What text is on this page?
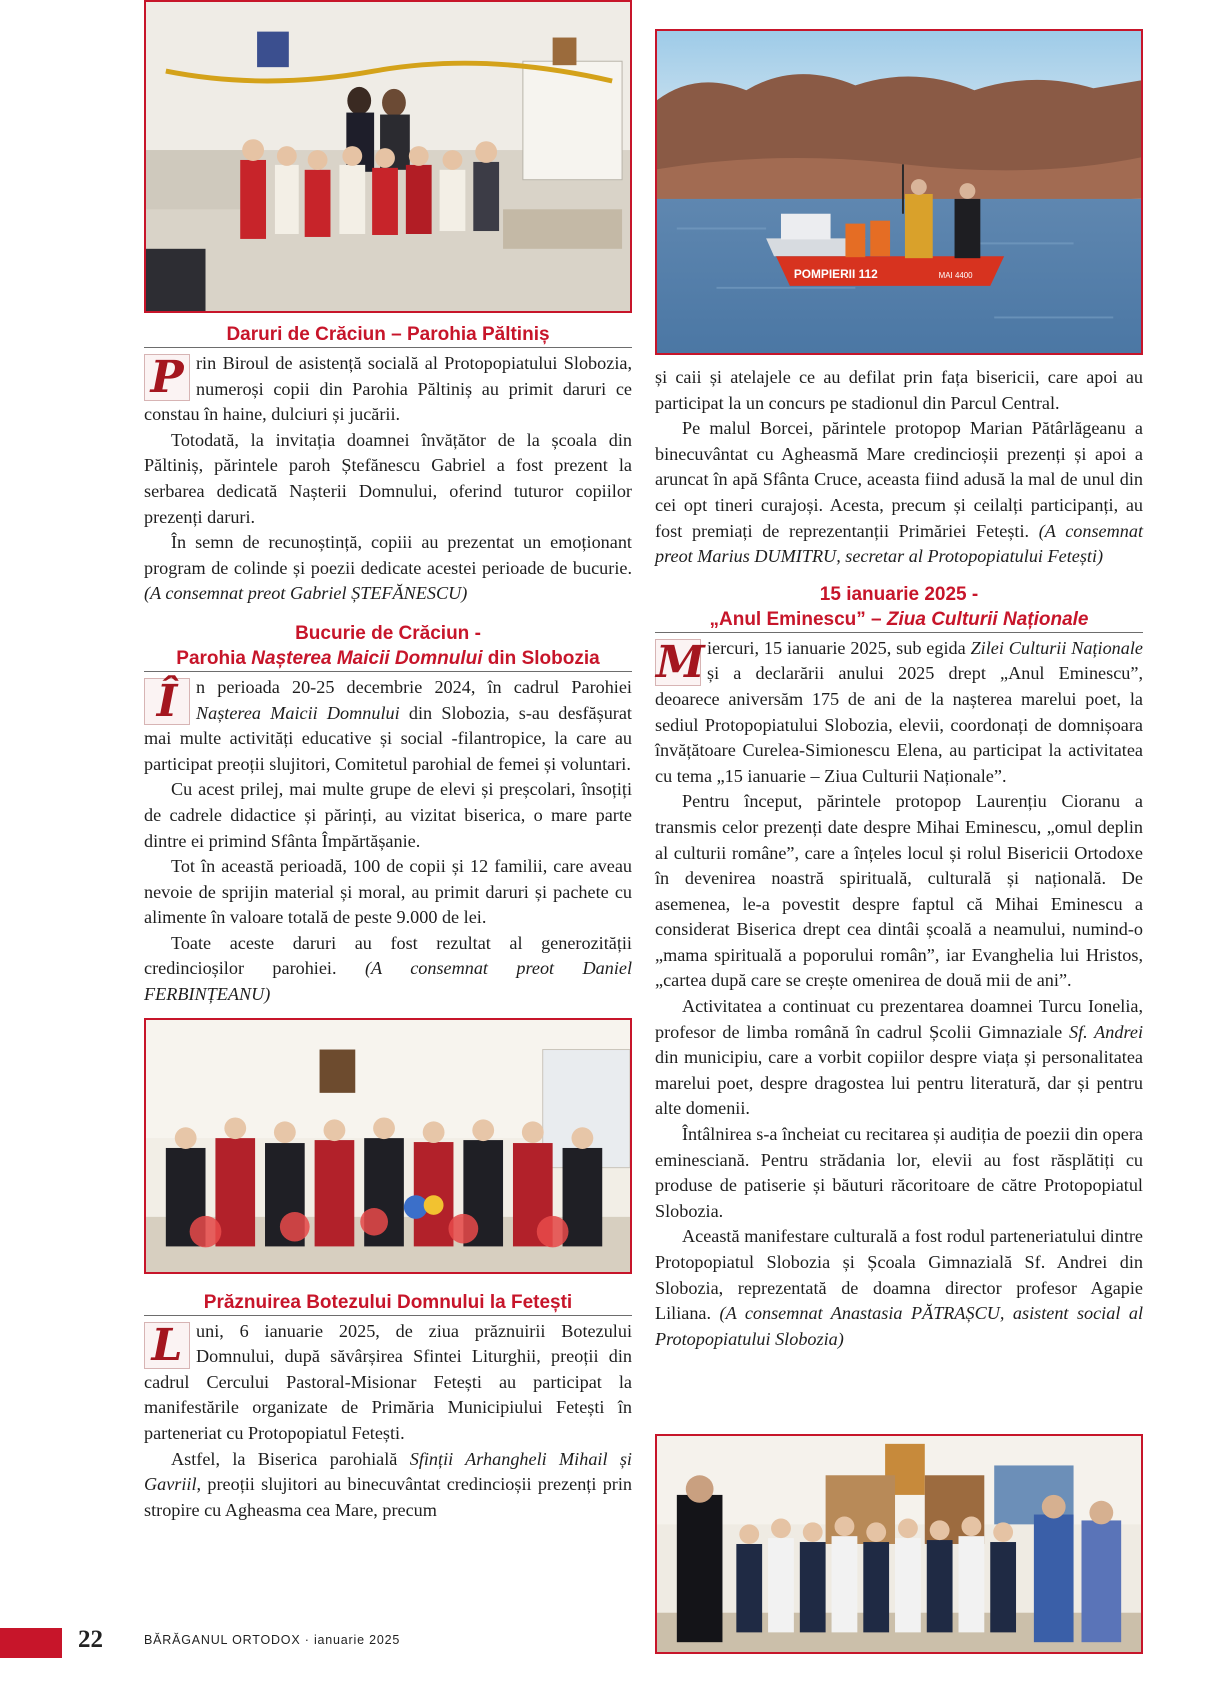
Daruri de Crăciun – Parohia Păltiniș

P rin Biroul de asistență socială al Protopopiatului Slobozia, numeroși copii din Parohia Păltiniș au primit daruri ce constau în haine, dulciuri și jucării.

Totodată, la invitația doamnei învățător de la școala din Păltiniș, părintele paroh Ștefănescu Gabriel a fost prezent la serbarea dedicată Nașterii Domnului, oferind tuturor copiilor prezenți daruri.

În semn de recunoștință, copiii au prezentat un emoționant program de colinde și poezii dedicate acestei perioade de bucurie. (A consemnat preot Gabriel ȘTEFĂNESCU)

Bucurie de Crăciun -
Parohia Nașterea Maicii Domnului din Slobozia

Î	n perioada 20-25 decembrie 2024, în cadrul Parohiei Nașterea Maicii Domnului din Slobozia, s-au desfășurat mai multe activități educative și social -filantropice, la care au participat preoții slujitori, Comitetul parohial de femei și voluntari.

Cu acest prilej, mai multe grupe de elevi și preșcolari, însoțiți de cadrele didactice și părinți, au vizitat biserica, o mare parte dintre ei primind Sfânta Împărtășanie.

Tot în această perioadă, 100 de copii și 12 familii, care aveau nevoie de sprijin material și moral, au primit daruri și pachete cu alimente în valoare totală de peste 9.000 de lei.

Toate aceste daruri au fost rezultat al generozității credincioșilor parohiei. (A consemnat preot Daniel FERBINȚEANU)

Prăznuirea Botezului Domnului la Fetești

L uni, 6 ianuarie 2025, de ziua prăznuirii Botezului Domnului, după săvârșirea Sfintei Liturghii, preoții din cadrul Cercului Pastoral-Misionar Fetești au participat la manifestările organizate de Primăria Municipiului Fetești în parteneriat cu Protopopiatul Fetești.

Astfel, la Biserica parohială Sfinții Arhangheli Mihail și Gavriil, preoții slujitori au binecuvântat credincioșii prezenți prin stropire cu Agheasma cea Mare, precum

POMPIERII 112	MAI 4400

și caii și atelajele ce au defilat prin fața bisericii, care apoi au participat la un concurs pe stadionul din Parcul Central.

Pe malul Borcei, părintele protopop Marian Pătârlăgeanu a binecuvântat cu Agheasmă Mare credincioșii prezenți și apoi a aruncat în apă Sfânta Cruce, aceasta fiind adusă la mal de unul din cei opt tineri curajoși. Acesta, precum și ceilalți participanți, au fost premiați de reprezentanții Primăriei Fetești. (A consemnat preot Marius DUMITRU, secretar al Protopopiatului Fetești)

15 ianuarie 2025 -
„Anul Eminescu” – Ziua Culturii Naționale

M iercuri, 15 ianuarie 2025, sub egida Zilei Culturii Naționale și a declarării anului 2025 drept „Anul Eminescu”, deoarece aniversăm 175 de ani de la nașterea marelui poet, la sediul Protopopiatului Slobozia, elevii, coordonați de domnișoara învățătoare Curelea-Simionescu Elena, au participat la activitatea cu tema „15 ianuarie – Ziua Culturii Naționale”.

Pentru început, părintele protopop Laurențiu Cioranu a transmis celor prezenți date despre Mihai Eminescu, „omul deplin al culturii române”, care a înțeles locul și rolul Bisericii Ortodoxe în devenirea noastră spirituală, culturală și națională. De asemenea, le-a povestit despre faptul că Mihai Eminescu a considerat Biserica drept cea dintâi școală a neamului, numind-o „mama spirituală a poporului român”, iar Evanghelia lui Hristos, „cartea după care se crește omenirea de două mii de ani”.

Activitatea a continuat cu prezentarea doamnei Turcu Ionelia, profesor de limba română în cadrul Școlii Gimnaziale Sf. Andrei din municipiu, care a vorbit copiilor despre viața și personalitatea marelui poet, despre dragostea lui pentru literatură, dar și pentru alte domenii.

Întâlnirea s-a încheiat cu recitarea și audiția de poezii din opera eminesciană. Pentru strădania lor, elevii au fost răsplătiți cu produse de patiserie și băuturi răcoritoare de către Protopopiatul Slobozia.

Această manifestare culturală a fost rodul parteneriatului dintre Protopopiatul Slobozia și Școala Gimnazială Sf. Andrei din Slobozia, reprezentată de doamna director profesor Agapie Liliana. (A consemnat Anastasia PĂTRAȘCU, asistent social al Protopopiatului Slobozia)

22	BĂRĂGANUL ORTODOX · ianuarie 2025
